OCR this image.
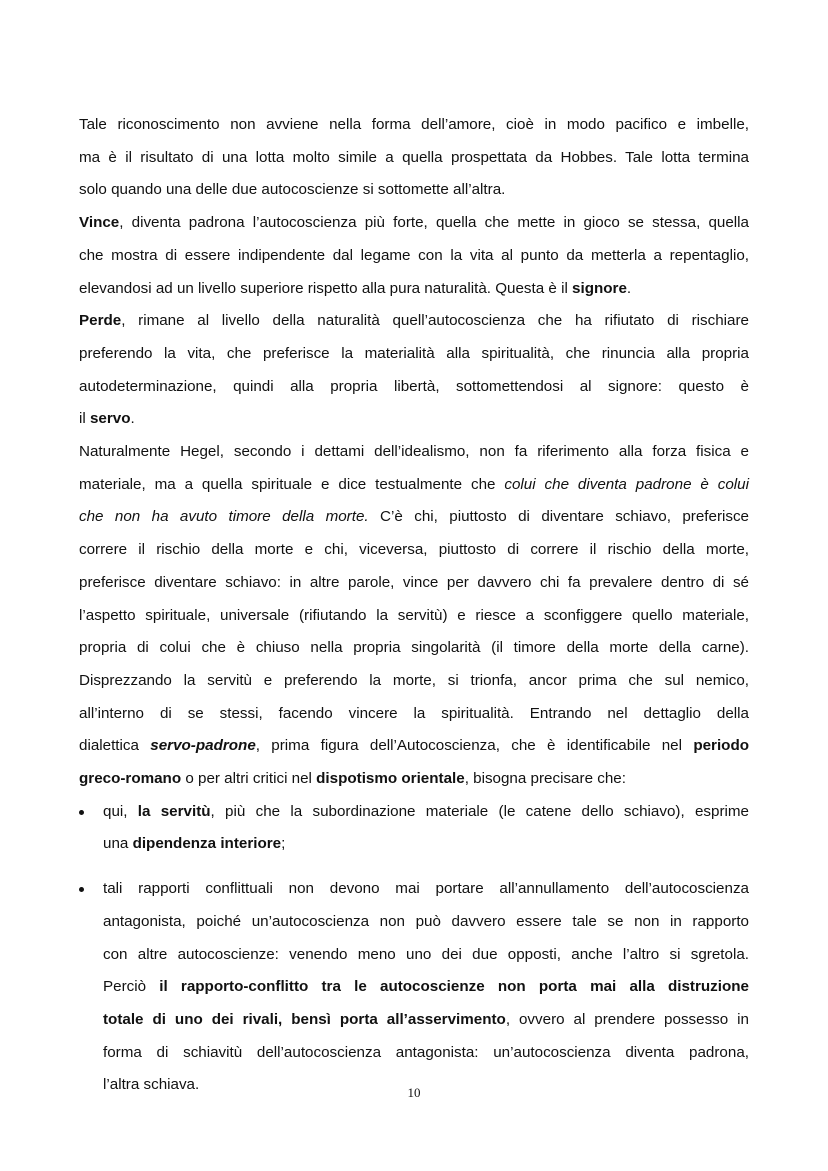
Tale riconoscimento non avviene nella forma dell’amore, cioè in modo pacifico e imbelle,
ma è il risultato di una lotta molto simile a quella prospettata da Hobbes. Tale lotta termina
solo quando una delle due autocoscienze si sottomette all’altra.

Vince, diventa padrona l’autocoscienza più forte, quella che mette in gioco se stessa, quella
che mostra di essere indipendente dal legame con la vita al punto da metterla a repentaglio,
elevandosi ad un livello superiore rispetto alla pura naturalità. Questa è il signore.

Perde, rimane al livello della naturalità quell’autocoscienza che ha rifiutato di rischiare
preferendo la vita, che preferisce la materialità alla spiritualità, che rinuncia alla propria
autodeterminazione, quindi alla propria libertà, sottomettendosi al signore: questo è
il servo.

Naturalmente Hegel, secondo i dettami dell’idealismo, non fa riferimento alla forza fisica e
materiale, ma a quella spirituale e dice testualmente che colui che diventa padrone è colui
che non ha avuto timore della morte. C’è chi, piuttosto di diventare schiavo, preferisce
correre il rischio della morte e chi, viceversa, piuttosto di correre il rischio della morte,
preferisce diventare schiavo: in altre parole, vince per davvero chi fa prevalere dentro di sé
l’aspetto spirituale, universale (rifiutando la servitù) e riesce a sconfiggere quello materiale,
propria di colui che è chiuso nella propria singolarità (il timore della morte della carne).
Disprezzando la servitù e preferendo la morte, si trionfa, ancor prima che sul nemico,
all’interno di se stessi, facendo vincere la spiritualità. Entrando nel dettaglio della
dialettica servo-padrone, prima figura dell’Autocoscienza, che è identificabile nel periodo
greco-romano o per altri critici nel dispotismo orientale, bisogna precisare che:

qui, la servitù, più che la subordinazione materiale (le catene dello schiavo), esprime
una dipendenza interiore;
tali rapporti conflittuali non devono mai portare all’annullamento dell’autocoscienza
antagonista, poiché un’autocoscienza non può davvero essere tale se non in rapporto
con altre autocoscienze: venendo meno uno dei due opposti, anche l’altro si sgretola.
Perciò il rapporto-conflitto tra le autocoscienze non porta mai alla distruzione
totale di uno dei rivali, bensì porta all’asservimento, ovvero al prendere possesso in
forma di schiavitù dell’autocoscienza antagonista: un’autocoscienza diventa padrona,
l’altra schiava.	10
